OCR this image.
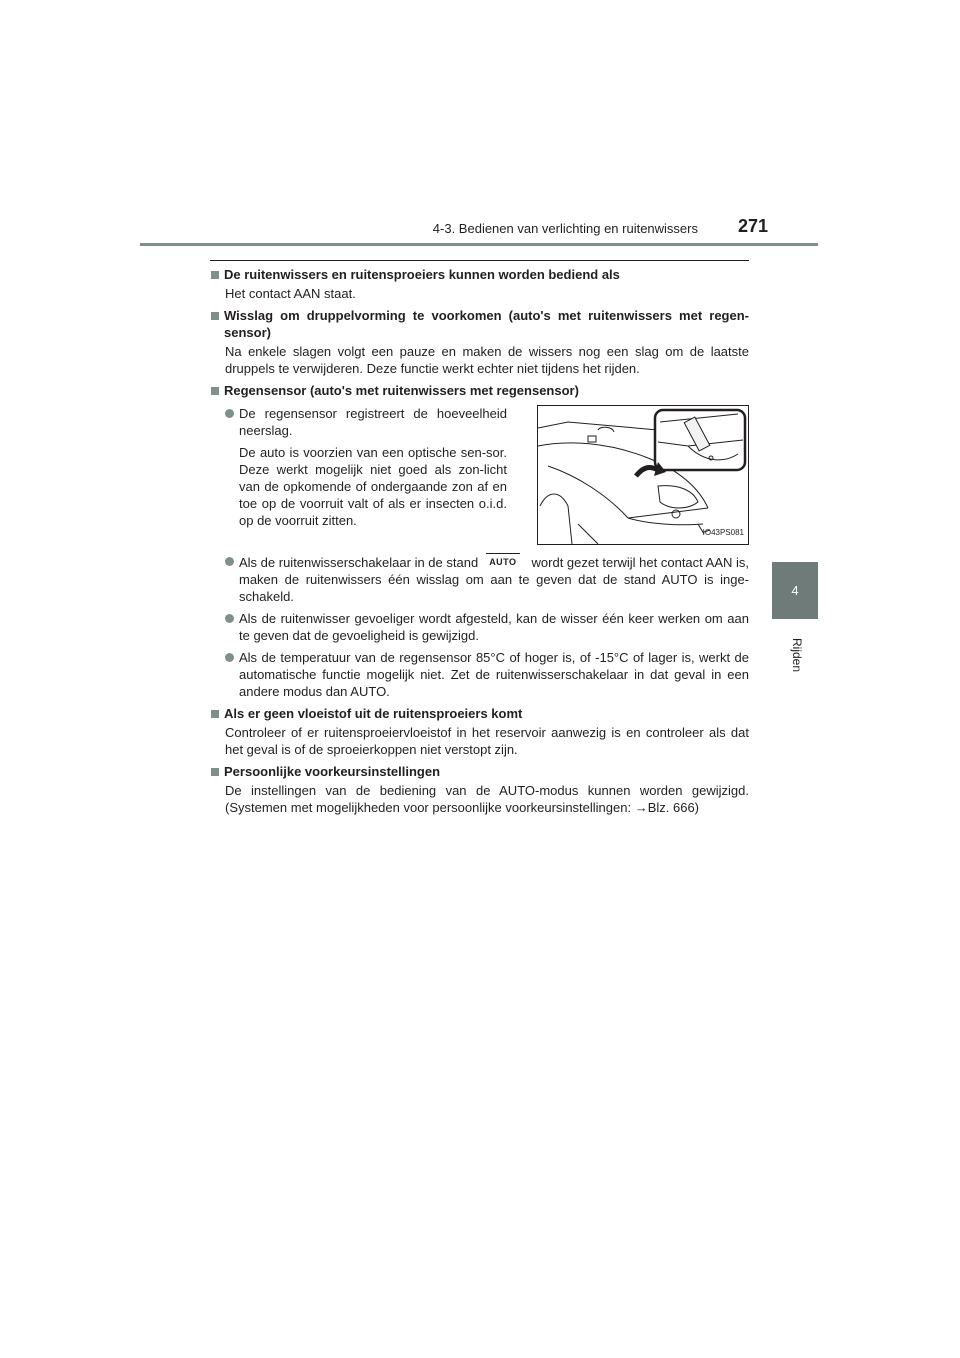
4-3. Bedienen van verlichting en ruitenwissers 271
4
Rijden
De ruitenwissers en ruitensproeiers kunnen worden bediend als
Het contact AAN staat.
Wisslag om druppelvorming te voorkomen (auto's met ruitenwissers met regen-sensor)
Na enkele slagen volgt een pauze en maken de wissers nog een slag om de laatste druppels te verwijderen. Deze functie werkt echter niet tijdens het rijden.
Regensensor (auto's met ruitenwissers met regensensor)

De regensensor registreert de hoeveelheid neerslag.

De auto is voorzien van een optische sen-sor. Deze werkt mogelijk niet goed als zon-licht van de opkomende of ondergaande zon af en toe op de voorruit valt of als er insecten o.i.d. op de voorruit zitten.

IO43PS081
Als de ruitenwisserschakelaar in de stand AUTO wordt gezet terwijl het contact AAN is, maken de ruitenwissers één wisslag om aan te geven dat de stand AUTO is inge-schakeld.
Als de ruitenwisser gevoeliger wordt afgesteld, kan de wisser één keer werken om aan te geven dat de gevoeligheid is gewijzigd.
Als de temperatuur van de regensensor 85°C of hoger is, of -15°C of lager is, werkt de automatische functie mogelijk niet. Zet de ruitenwisserschakelaar in dat geval in een andere modus dan AUTO.
Als er geen vloeistof uit de ruitensproeiers komt
Controleer of er ruitensproeiervloeistof in het reservoir aanwezig is en controleer als dat het geval is of de sproeierkoppen niet verstopt zijn.
Persoonlijke voorkeursinstellingen
De instellingen van de bediening van de AUTO-modus kunnen worden gewijzigd. (Systemen met mogelijkheden voor persoonlijke voorkeursinstellingen: →Blz. 666)
